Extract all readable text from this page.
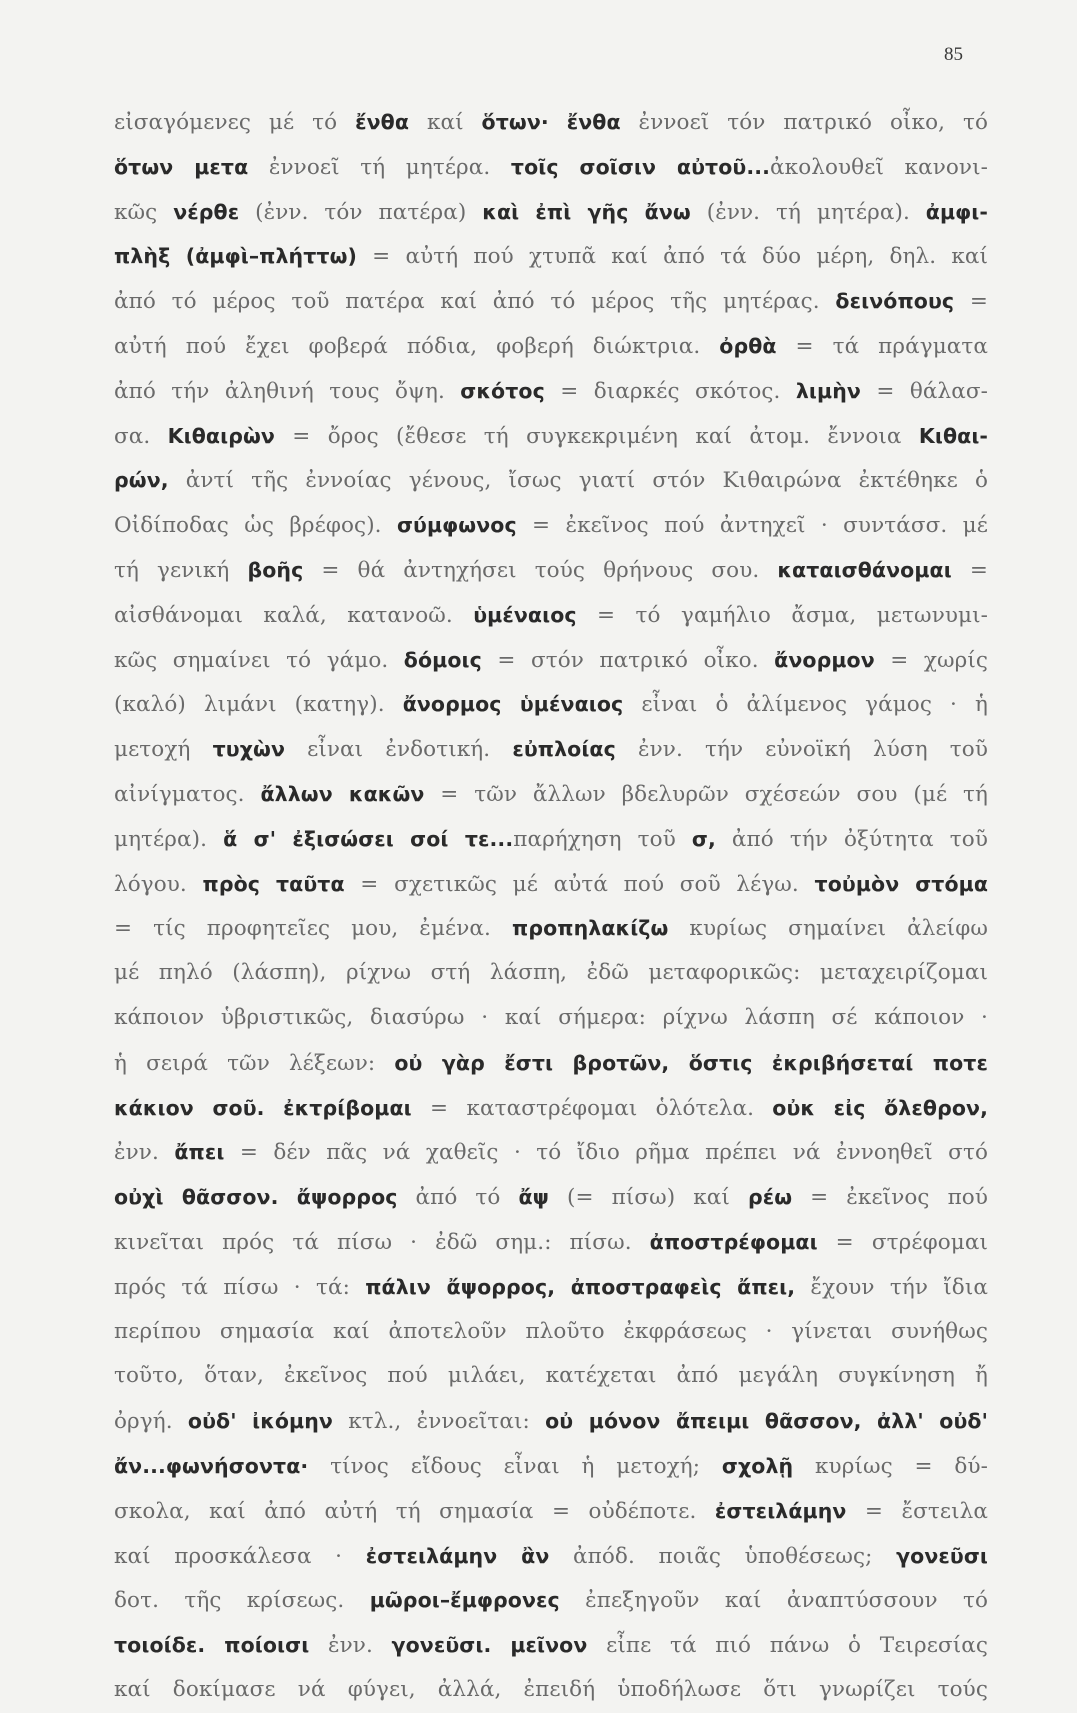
85
εἰσαγόμενες μέ τό ἔνθα καί ὅτων· ἔνθα ἐννοεῖ τόν πατρικό οἶκο, τό
ὅτων μετα ἐννοεῖ τή μητέρα. τοῖς σοῖσιν αὐτοῦ...ἀκολουθεῖ κανονι-
κῶς νέρθε (ἐνν. τόν πατέρα) καὶ ἐπὶ γῆς ἄνω (ἐνν. τή μητέρα). ἀμφι-
πλὴξ (ἀμφὶ–πλήττω) = αὐτή πού χτυπᾶ καί ἀπό τά δύο μέρη, δηλ. καί
ἀπό τό μέρος τοῦ πατέρα καί ἀπό τό μέρος τῆς μητέρας. δεινόπους =
αὐτή πού ἔχει φοβερά πόδια, φοβερή διώκτρια. ὀρθὰ = τά πράγματα
ἀπό τήν ἀληθινή τους ὄψη. σκότος = διαρκές σκότος. λιμὴν = θάλασ-
σα. Κιθαιρὼν = ὄρος (ἔθεσε τή συγκεκριμένη καί ἀτομ. ἔννοια Κιθαι-
ρών, ἀντί τῆς ἐννοίας γένους, ἴσως γιατί στόν Κιθαιρώνα ἐκτέθηκε ὁ
Οἰδίποδας ὡς βρέφος). σύμφωνος = ἐκεῖνος πού ἀντηχεῖ · συντάσσ. μέ
τή γενική βοῆς = θά ἀντηχήσει τούς θρήνους σου. καταισθάνομαι =
αἰσθάνομαι καλά, κατανοῶ. ὑμέναιος = τό γαμήλιο ἄσμα, μετωνυμι-
κῶς σημαίνει τό γάμο. δόμοις = στόν πατρικό οἶκο. ἄνορμον = χωρίς
(καλό) λιμάνι (κατηγ). ἄνορμος ὑμέναιος εἶναι ὁ ἀλίμενος γάμος · ἡ
μετοχή τυχὼν εἶναι ἐνδοτική. εὐπλοίας ἐνν. τήν εὐνοϊκή λύση τοῦ
αἰνίγματος. ἄλλων κακῶν = τῶν ἄλλων βδελυρῶν σχέσεών σου (μέ τή
μητέρα). ἅ σ' ἐξισώσει σοί τε...παρήχηση τοῦ σ, ἀπό τήν ὀξύτητα τοῦ
λόγου. πρὸς ταῦτα = σχετικῶς μέ αὐτά πού σοῦ λέγω. τοὐμὸν στόμα
= τίς προφητεῖες μου, ἐμένα. προπηλακίζω κυρίως σημαίνει ἀλείφω
μέ πηλό (λάσπη), ρίχνω στή λάσπη, ἐδῶ μεταφορικῶς: μεταχειρίζομαι
κάποιον ὑβριστικῶς, διασύρω · καί σήμερα: ρίχνω λάσπη σέ κάποιον ·
ἡ σειρά τῶν λέξεων: οὐ γὰρ ἔστι βροτῶν, ὅστις ἐκριβήσεταί ποτε
κάκιον σοῦ. ἐκτρίβομαι = καταστρέφομαι ὁλότελα. οὐκ εἰς ὄλεθρον,
ἐνν. ἄπει = δέν πᾶς νά χαθεῖς · τό ἴδιο ρῆμα πρέπει νά ἐννοηθεῖ στό
οὐχὶ θᾶσσον. ἄψορρος ἀπό τό ἄψ (= πίσω) καί ρέω = ἐκεῖνος πού
κινεῖται πρός τά πίσω · ἐδῶ σημ.: πίσω. ἀποστρέφομαι = στρέφομαι
πρός τά πίσω · τά: πάλιν ἄψορρος, ἀποστραφεὶς ἄπει, ἔχουν τήν ἴδια
περίπου σημασία καί ἀποτελοῦν πλοῦτο ἐκφράσεως · γίνεται συνήθως
τοῦτο, ὅταν, ἐκεῖνος πού μιλάει, κατέχεται ἀπό μεγάλη συγκίνηση ἤ
ὀργή. οὐδ' ἰκόμην κτλ., ἐννοεῖται: οὐ μόνον ἄπειμι θᾶσσον, ἀλλ' οὐδ'
ἄν...φωνήσοντα· τίνος εἴδους εἶναι ἡ μετοχή; σχολῇ κυρίως = δύ-
σκολα, καί ἀπό αὐτή τή σημασία = οὐδέποτε. ἐστειλάμην = ἔστειλα
καί προσκάλεσα · ἐστειλάμην ἂν ἀπόδ. ποιᾶς ὑποθέσεως; γονεῦσι
δοτ. τῆς κρίσεως. μῶροι–ἔμφρονες ἐπεξηγοῦν καί ἀναπτύσσουν τό
τοιοίδε. ποίοισι ἐνν. γονεῦσι. μεῖνον εἶπε τά πιό πάνω ὁ Τειρεσίας
καί δοκίμασε νά φύγει, ἀλλά, ἐπειδή ὑποδήλωσε ὅτι γνωρίζει τούς
